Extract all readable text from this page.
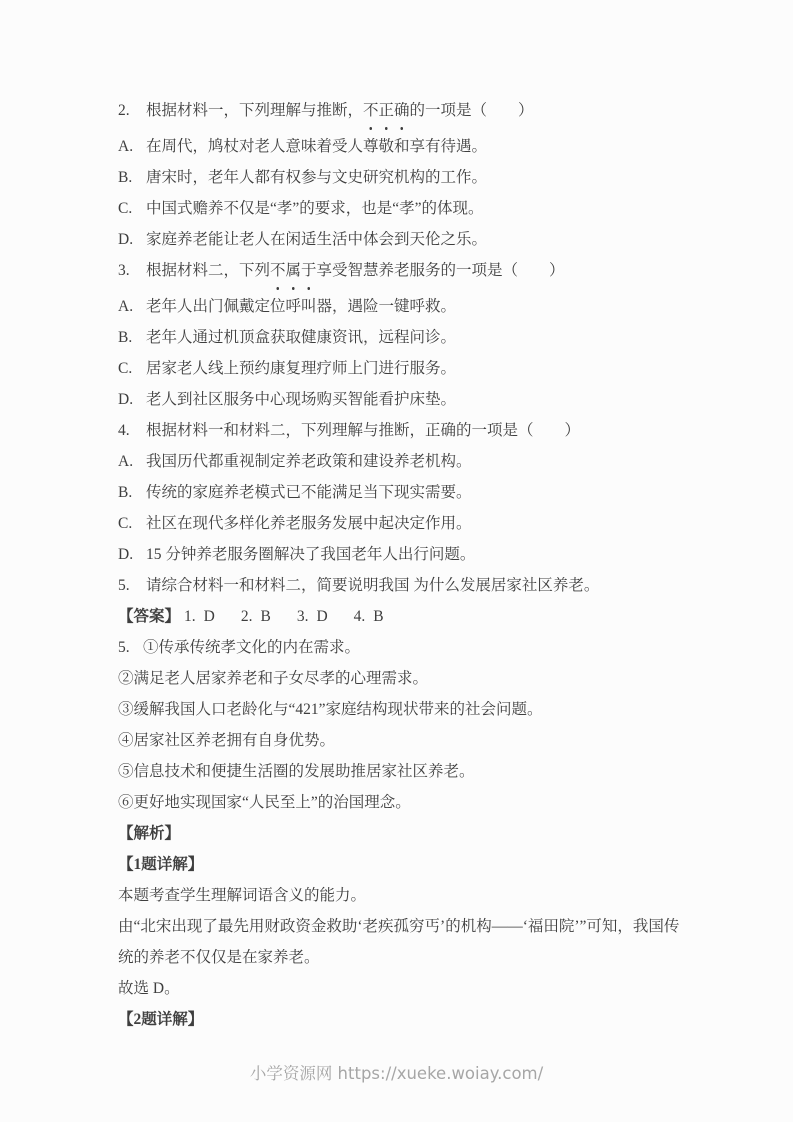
2.	根据材料一，下列理解与推断， 不正确 的一项是（　　）

A. 在周代，鸠杖对老人意味着受人尊敬和享有待遇。

B. 唐宋时，老年人都有权参与文史研究机构的工作。

C. 中国式赡养不仅是“孝”的要求，也是“孝”的体现。

D. 家庭养老能让老人在闲适生活中体会到天伦之乐。

3.	根据材料二，下列 不属于 享受智慧养老服务的一项是（　　）

A. 老年人出门佩戴定位呼叫器，遇险一键呼救。

B. 老年人通过机顶盒获取健康资讯，远程问诊。

C. 居家老人线上预约康复理疗师上门进行服务。

D. 老人到社区服务中心现场购买智能看护床垫。

4.	根据材料一和材料二，下列理解与推断，正确的一项是（　　）

A. 我国历代都重视制定养老政策和建设养老机构。

B. 传统的家庭养老模式已不能满足当下现实需要。

C. 社区在现代多样化养老服务发展中起决定作用。

D. 15 分钟养老服务圈解决了我国老年人出行问题。

5.	请综合材料一和材料二，简要说明我国 为什么发展居家社区养老。

【答案】 1. D 2. B 3. D 4. B

5. ①传承传统孝文化的内在需求。

②满足老人居家养老和子女尽孝的心理需求。

③缓解我国人口老龄化与“421”家庭结构现状带来的社会问题。

④居家社区养老拥有自身优势。

⑤信息技术和便捷生活圈的发展助推居家社区养老。

⑥更好地实现国家“人民至上”的治国理念。

【解析】

【1题详解】

本题考查学生理解词语含义的能力。

由“北宋出现了最先用财政资金救助‘老疾孤穷丐’的机构——‘福田院’”可知，我国传

统的养老不仅仅是在家养老。

故选 D。

【2题详解】

小学资源网 https://xueke.woiay.com/
